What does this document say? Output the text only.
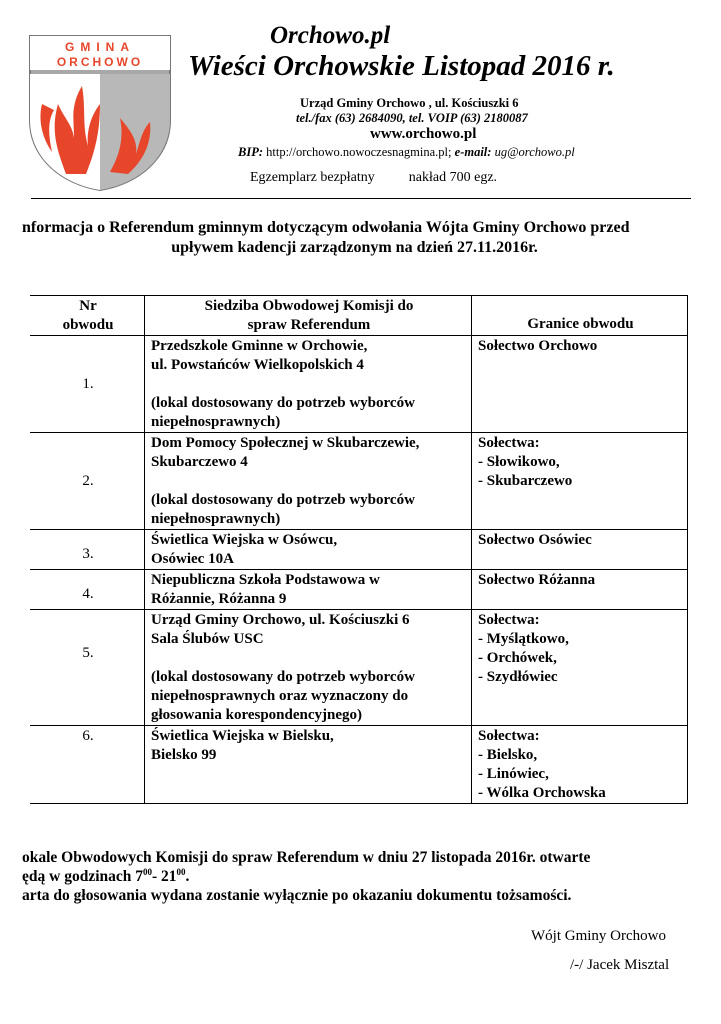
GMINA
ORCHOWO
Orchowo.pl
Wieści Orchowskie Listopad 2016 r.
Urząd Gminy Orchowo , ul. Kościuszki 6
tel./fax (63) 2684090, tel. VOIP (63) 2180087
www.orchowo.pl
BIP: http://orchowo.nowoczesnagmina.pl; e-mail: ug@orchowo.pl
Egzemplarz bezpłatny nakład 700 egz.
nformacja o Referendum gminnym dotyczącym odwołania Wójta Gminy Orchowo przed
upływem kadencji zarządzonym na dzień 27.11.2016r.
Nr
obwodu
Siedziba Obwodowej Komisji do
spraw Referendum	Granice obwodu
1.
Przedszkole Gminne w Orchowie,
ul. Powstańców Wielkopolskich 4
(lokal dostosowany do potrzeb wyborców
niepełnosprawnych)
Sołectwo Orchowo
2.
Dom Pomocy Społecznej w Skubarczewie,
Skubarczewo 4
(lokal dostosowany do potrzeb wyborców
niepełnosprawnych)
Sołectwa:
- Słowikowo,
- Skubarczewo
3.
Świetlica Wiejska w Osówcu,
Osówiec 10A
Sołectwo Osówiec
4.
Niepubliczna Szkoła Podstawowa w
Różannie, Różanna 9
Sołectwo Różanna
5.
Urząd Gminy Orchowo, ul. Kościuszki 6
Sala Ślubów USC
(lokal dostosowany do potrzeb wyborców
niepełnosprawnych oraz wyznaczony do
głosowania korespondencyjnego)
Sołectwa:
- Myślątkowo,
- Orchówek,
- Szydłówiec
6.	Świetlica Wiejska w Bielsku,
Bielsko 99
Sołectwa:
- Bielsko,
- Linówiec,
- Wólka Orchowska
okale Obwodowych Komisji do spraw Referendum w dniu 27 listopada 2016r. otwarte
ędą w godzinach $7^{00}-$ $21^{00}$.
arta do głosowania wydana zostanie wyłącznie po okazaniu dokumentu tożsamości.
Wójt Gminy Orchowo
/-/ Jacek Misztal
